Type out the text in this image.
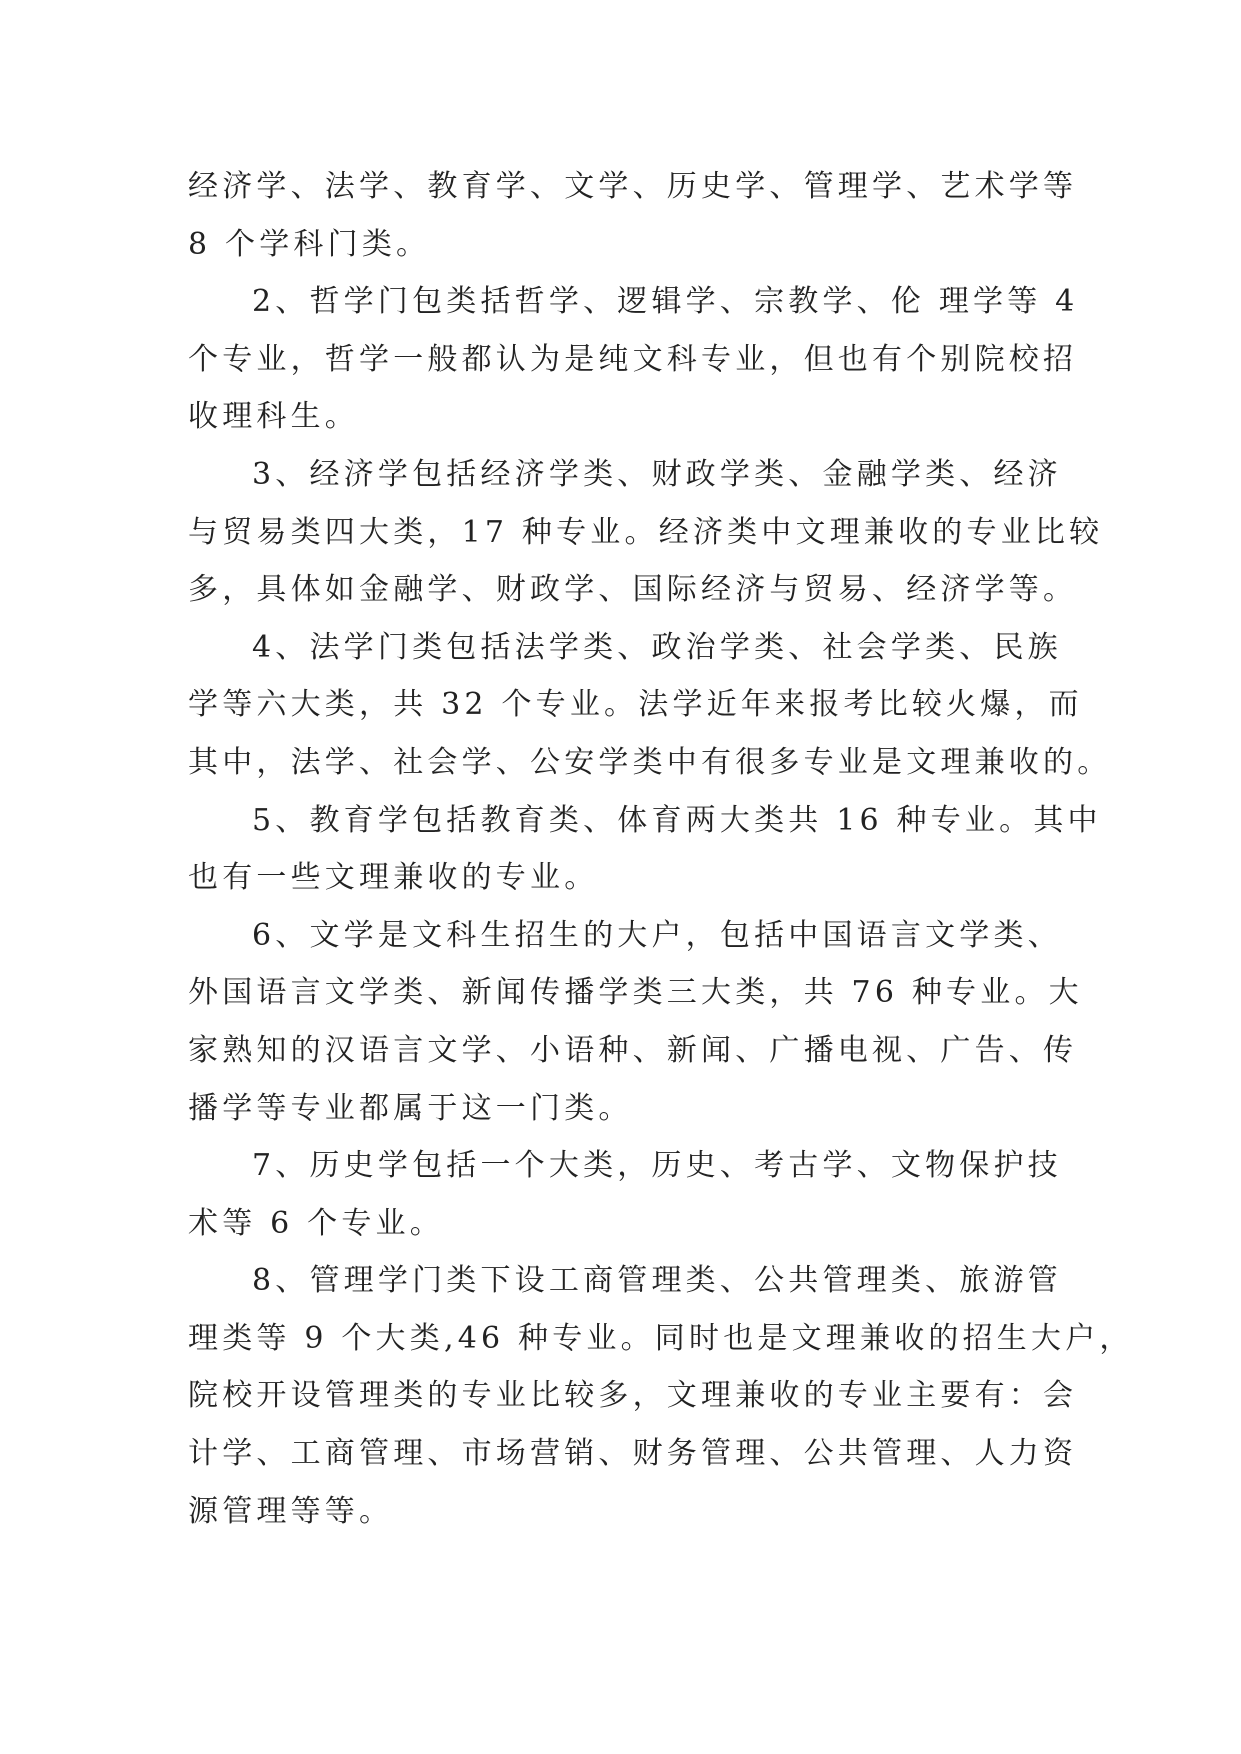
经济学、法学、教育学、文学、历史学、管理学、艺术学等
8 个学科门类。
2、哲学门包类括哲学、逻辑学、宗教学、伦 理学等 4
个专业，哲学一般都认为是纯文科专业，但也有个别院校招
收理科生。
3、经济学包括经济学类、财政学类、金融学类、经济
与贸易类四大类，17 种专业。经济类中文理兼收的专业比较
多，具体如金融学、财政学、国际经济与贸易、经济学等。
4、法学门类包括法学类、政治学类、社会学类、民族
学等六大类，共 32 个专业。法学近年来报考比较火爆，而
其中，法学、社会学、公安学类中有很多专业是文理兼收的。
5、教育学包括教育类、体育两大类共 16 种专业。其中
也有一些文理兼收的专业。
6、文学是文科生招生的大户，包括中国语言文学类、
外国语言文学类、新闻传播学类三大类，共 76 种专业。大
家熟知的汉语言文学、小语种、新闻、广播电视、广告、传
播学等专业都属于这一门类。
7、历史学包括一个大类，历史、考古学、文物保护技
术等 6 个专业。
8、管理学门类下设工商管理类、公共管理类、旅游管
理类等 9 个大类,46 种专业。同时也是文理兼收的招生大户，
院校开设管理类的专业比较多，文理兼收的专业主要有：会
计学、工商管理、市场营销、财务管理、公共管理、人力资
源管理等等。
